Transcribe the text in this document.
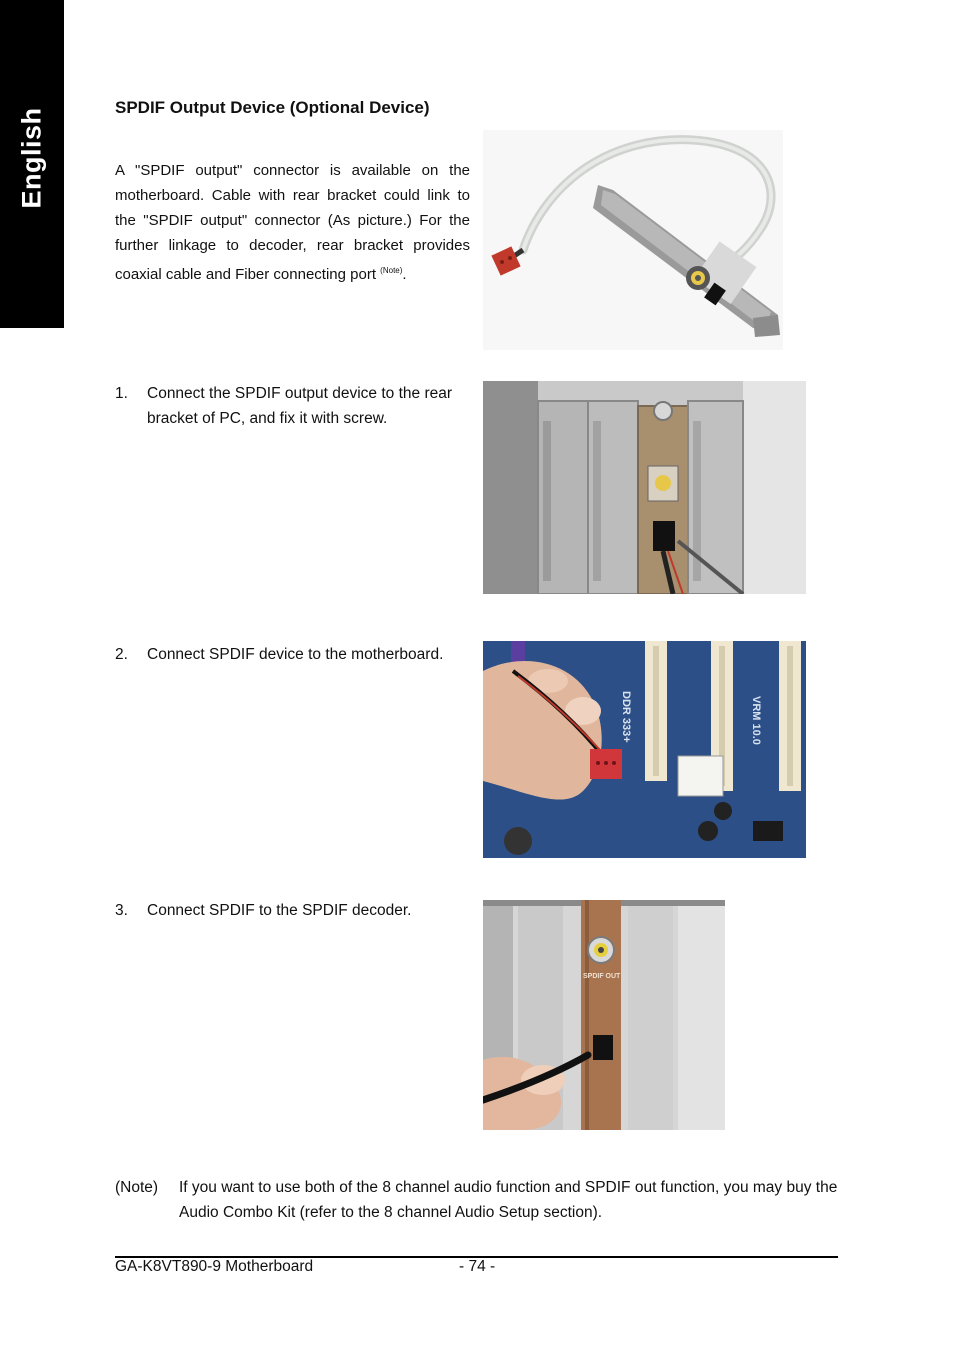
English	SPDIF Output Device (Optional Device)
A "SPDIF output" connector is available on the motherboard. Cable with rear bracket could link to the "SPDIF output" connector (As picture.) For the further linkage to decoder, rear bracket provides coaxial cable and Fiber connecting port $^{(Note)}$.
1. Connect the SPDIF output device to the rear bracket of PC, and fix it with screw.
2. Connect SPDIF device to the motherboard.
DDR 333+	VRM 10.0
3. Connect SPDIF to the SPDIF decoder.
SPDIF OUT
(Note) If you want to use both of the 8 channel audio function and SPDIF out function, you may buy the Audio Combo Kit (refer to the 8 channel Audio Setup section).
GA-K8VT890-9 Motherboard	- 74 -
